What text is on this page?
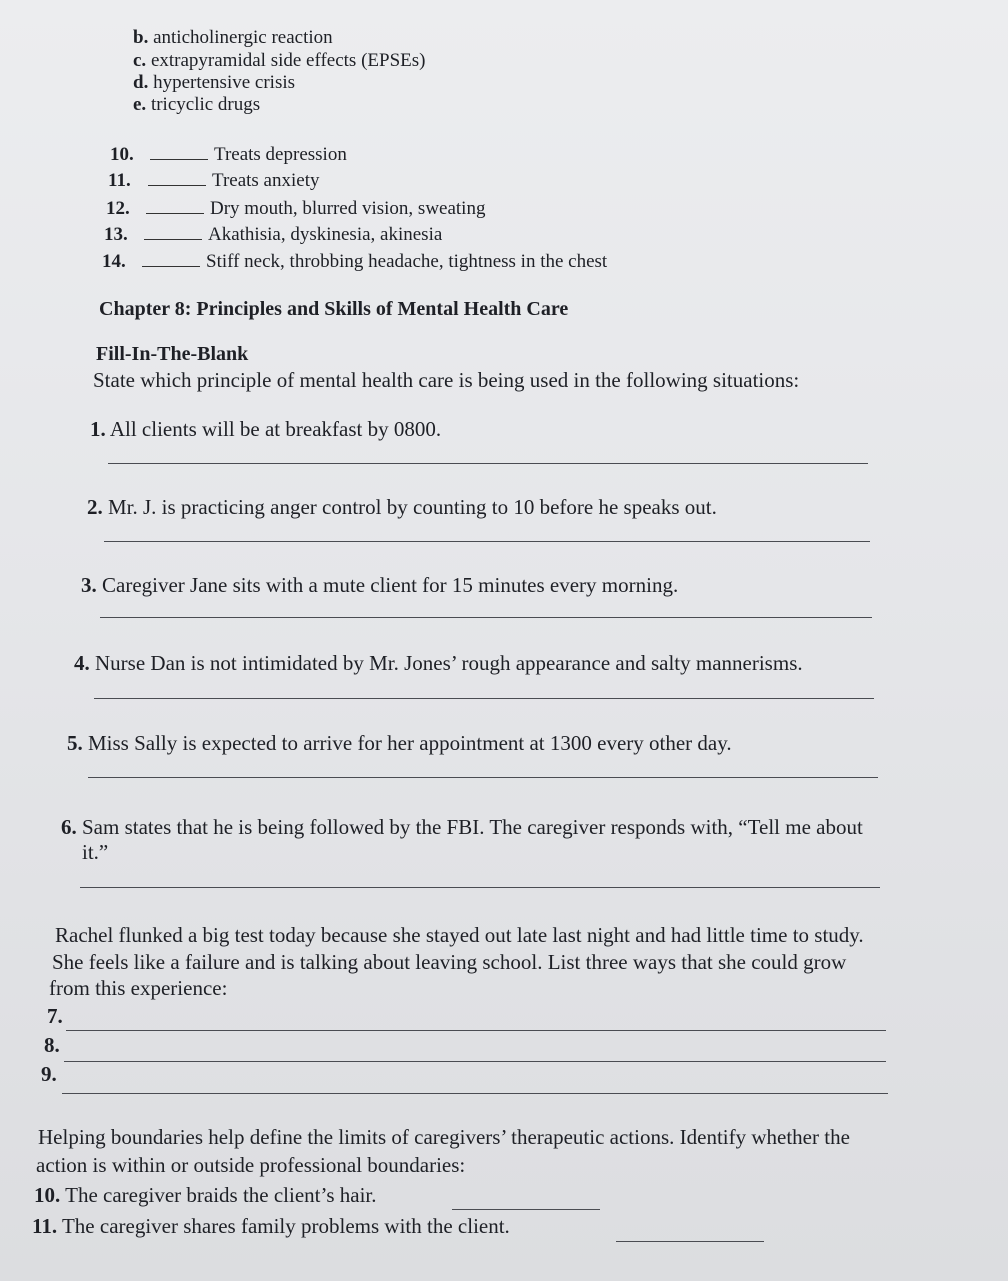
b. anticholinergic reaction
c. extrapyramidal side effects (EPSEs)
d. hypertensive crisis
e. tricyclic drugs
10.	Treats depression
11.	Treats anxiety
12.	Dry mouth, blurred vision, sweating
13.	Akathisia, dyskinesia, akinesia
14.	Stiff neck, throbbing headache, tightness in the chest
Chapter 8: Principles and Skills of Mental Health Care
Fill-In-The-Blank
State which principle of mental health care is being used in the following situations:
1. All clients will be at breakfast by 0800.
2. Mr. J. is practicing anger control by counting to 10 before he speaks out.
3. Caregiver Jane sits with a mute client for 15 minutes every morning.
4. Nurse Dan is not intimidated by Mr. Jones’ rough appearance and salty mannerisms.
5. Miss Sally is expected to arrive for her appointment at 1300 every other day.
6. Sam states that he is being followed by the FBI. The caregiver responds with, “Tell me about
it.”
Rachel flunked a big test today because she stayed out late last night and had little time to study.
She feels like a failure and is talking about leaving school. List three ways that she could grow
from this experience:
7.
8.
9.
Helping boundaries help define the limits of caregivers’ therapeutic actions. Identify whether the
action is within or outside professional boundaries:
10. The caregiver braids the client’s hair.
11. The caregiver shares family problems with the client.
